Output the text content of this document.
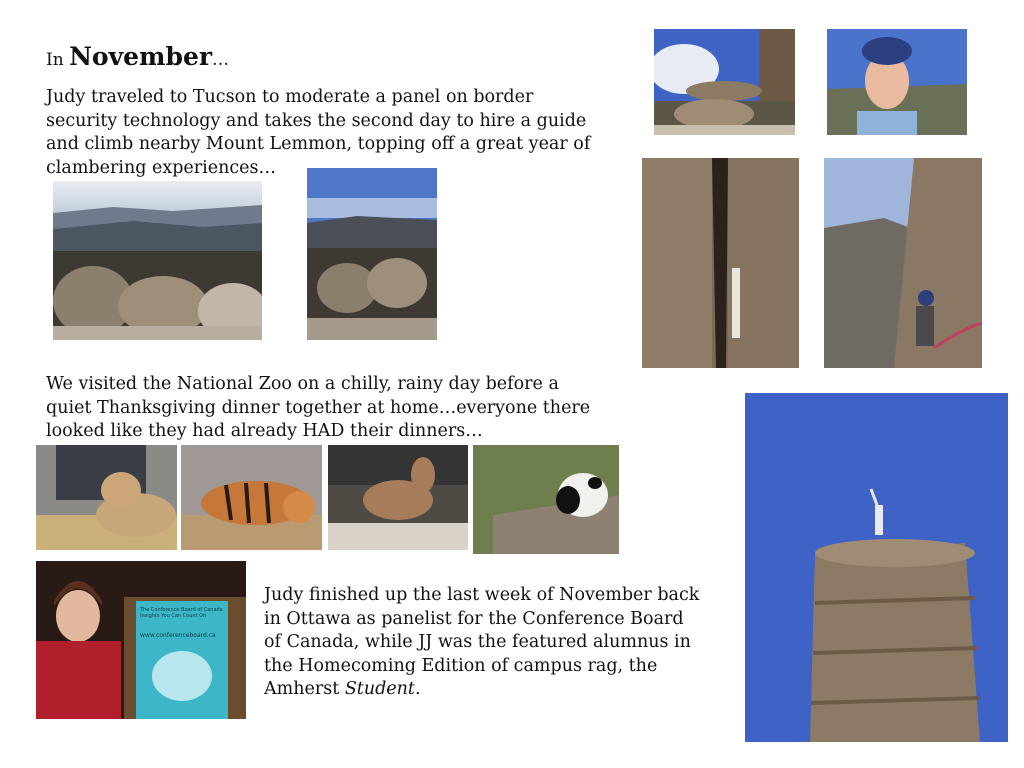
In November…
Judy traveled to Tucson to moderate a panel on border security technology and takes the second day to hire a guide and climb nearby Mount Lemmon, topping off a great year of clambering experiences…
We visited the National Zoo on a chilly, rainy day before a quiet Thanksgiving dinner together at home…everyone there looked like they had already HAD their dinners…
Judy finished up the last week of November back in Ottawa as panelist for the Conference Board of Canada, while JJ was the featured alumnus in the Homecoming Edition of campus rag, the Amherst Student.
The Conference Board of Canada
Insights You Can Count On
www.conferenceboard.ca
